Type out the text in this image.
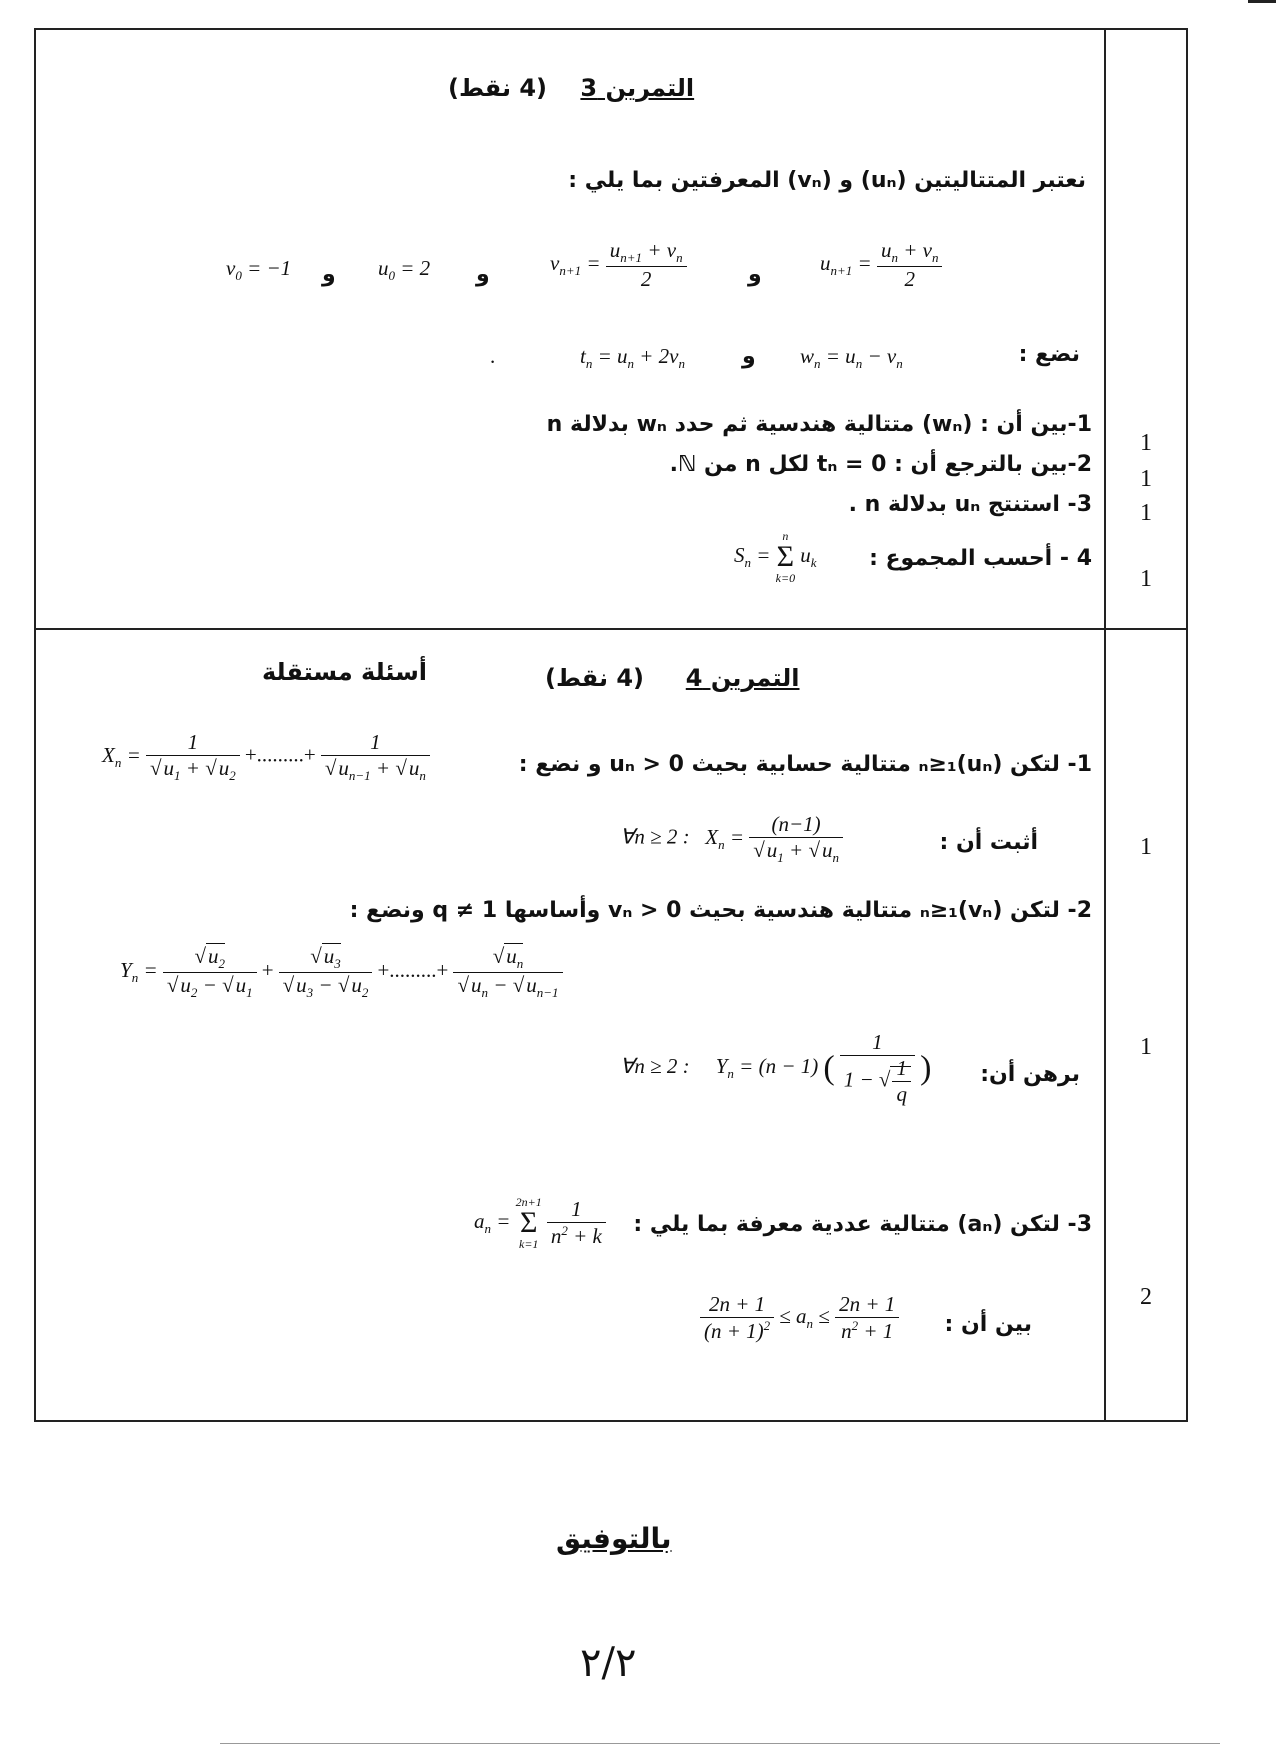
التمرين 3    (4 نقط)
نعتبر المتتاليتين (uₙ) و (vₙ) المعرفتين بما يلي :
$u_{n+1} = \frac{u_n + v_n}{2}$
و
$v_{n+1} = \frac{u_{n+1} + v_n}{2}$
و
$u_0 = 2$
و
$v_0 = -1$
نضع :
$w_n = u_n - v_n$
و
$t_n = u_n + 2v_n$
.
1-بين أن : (wₙ) متتالية هندسية ثم حدد wₙ بدلالة n
2-بين بالترجع أن : tₙ = 0 لكل n من ℕ.
3- استنتج uₙ بدلالة n .
4 - أحسب المجموع :
$S_n$ =
n
Σ
k=0
$u_k$
1
1
1
1
التمرين 4     (4 نقط)
أسئلة مستقلة
1- لتكن (uₙ)ₙ≥₁ متتالية حسابية بحيث uₙ > 0 و نضع :
$X_n = \frac{1}{√u_1 + √u_2}$ +.........+ $\frac{1}{√u_{n-1} + √u_n}$
أثبت أن :
∀n ≥ 2 :   $X_n = \frac{(n-1)}{√u_1 + √u_n}$	1
2- لتكن (vₙ)ₙ≥₁ متتالية هندسية بحيث vₙ > 0 وأساسها q ≠ 1 ونضع :
$Y_n = \frac{√u_2}{√u_2 - √u_1} + \frac{√u_3}{√u_3 - √u_2}$ +.........+ $\frac{√u_n}{√u_n - √u_{n-1}}$
برهن أن:
∀n ≥ 2 :     $Y_n = (n - 1)$ ( $\frac{1}{1 - √ \frac{1}{q}}$ )
1
3- لتكن (aₙ) متتالية عددية معرفة بما يلي :
$a_n$ =
2n+1
Σ
k=1
$\frac{1}{n^2 + k}$
بين أن :
$\frac{2n + 1}{(n + 1)^2} \le a_n \le \frac{2n + 1}{n^2 + 1}$	2
بالتوفيق
٢/٢
